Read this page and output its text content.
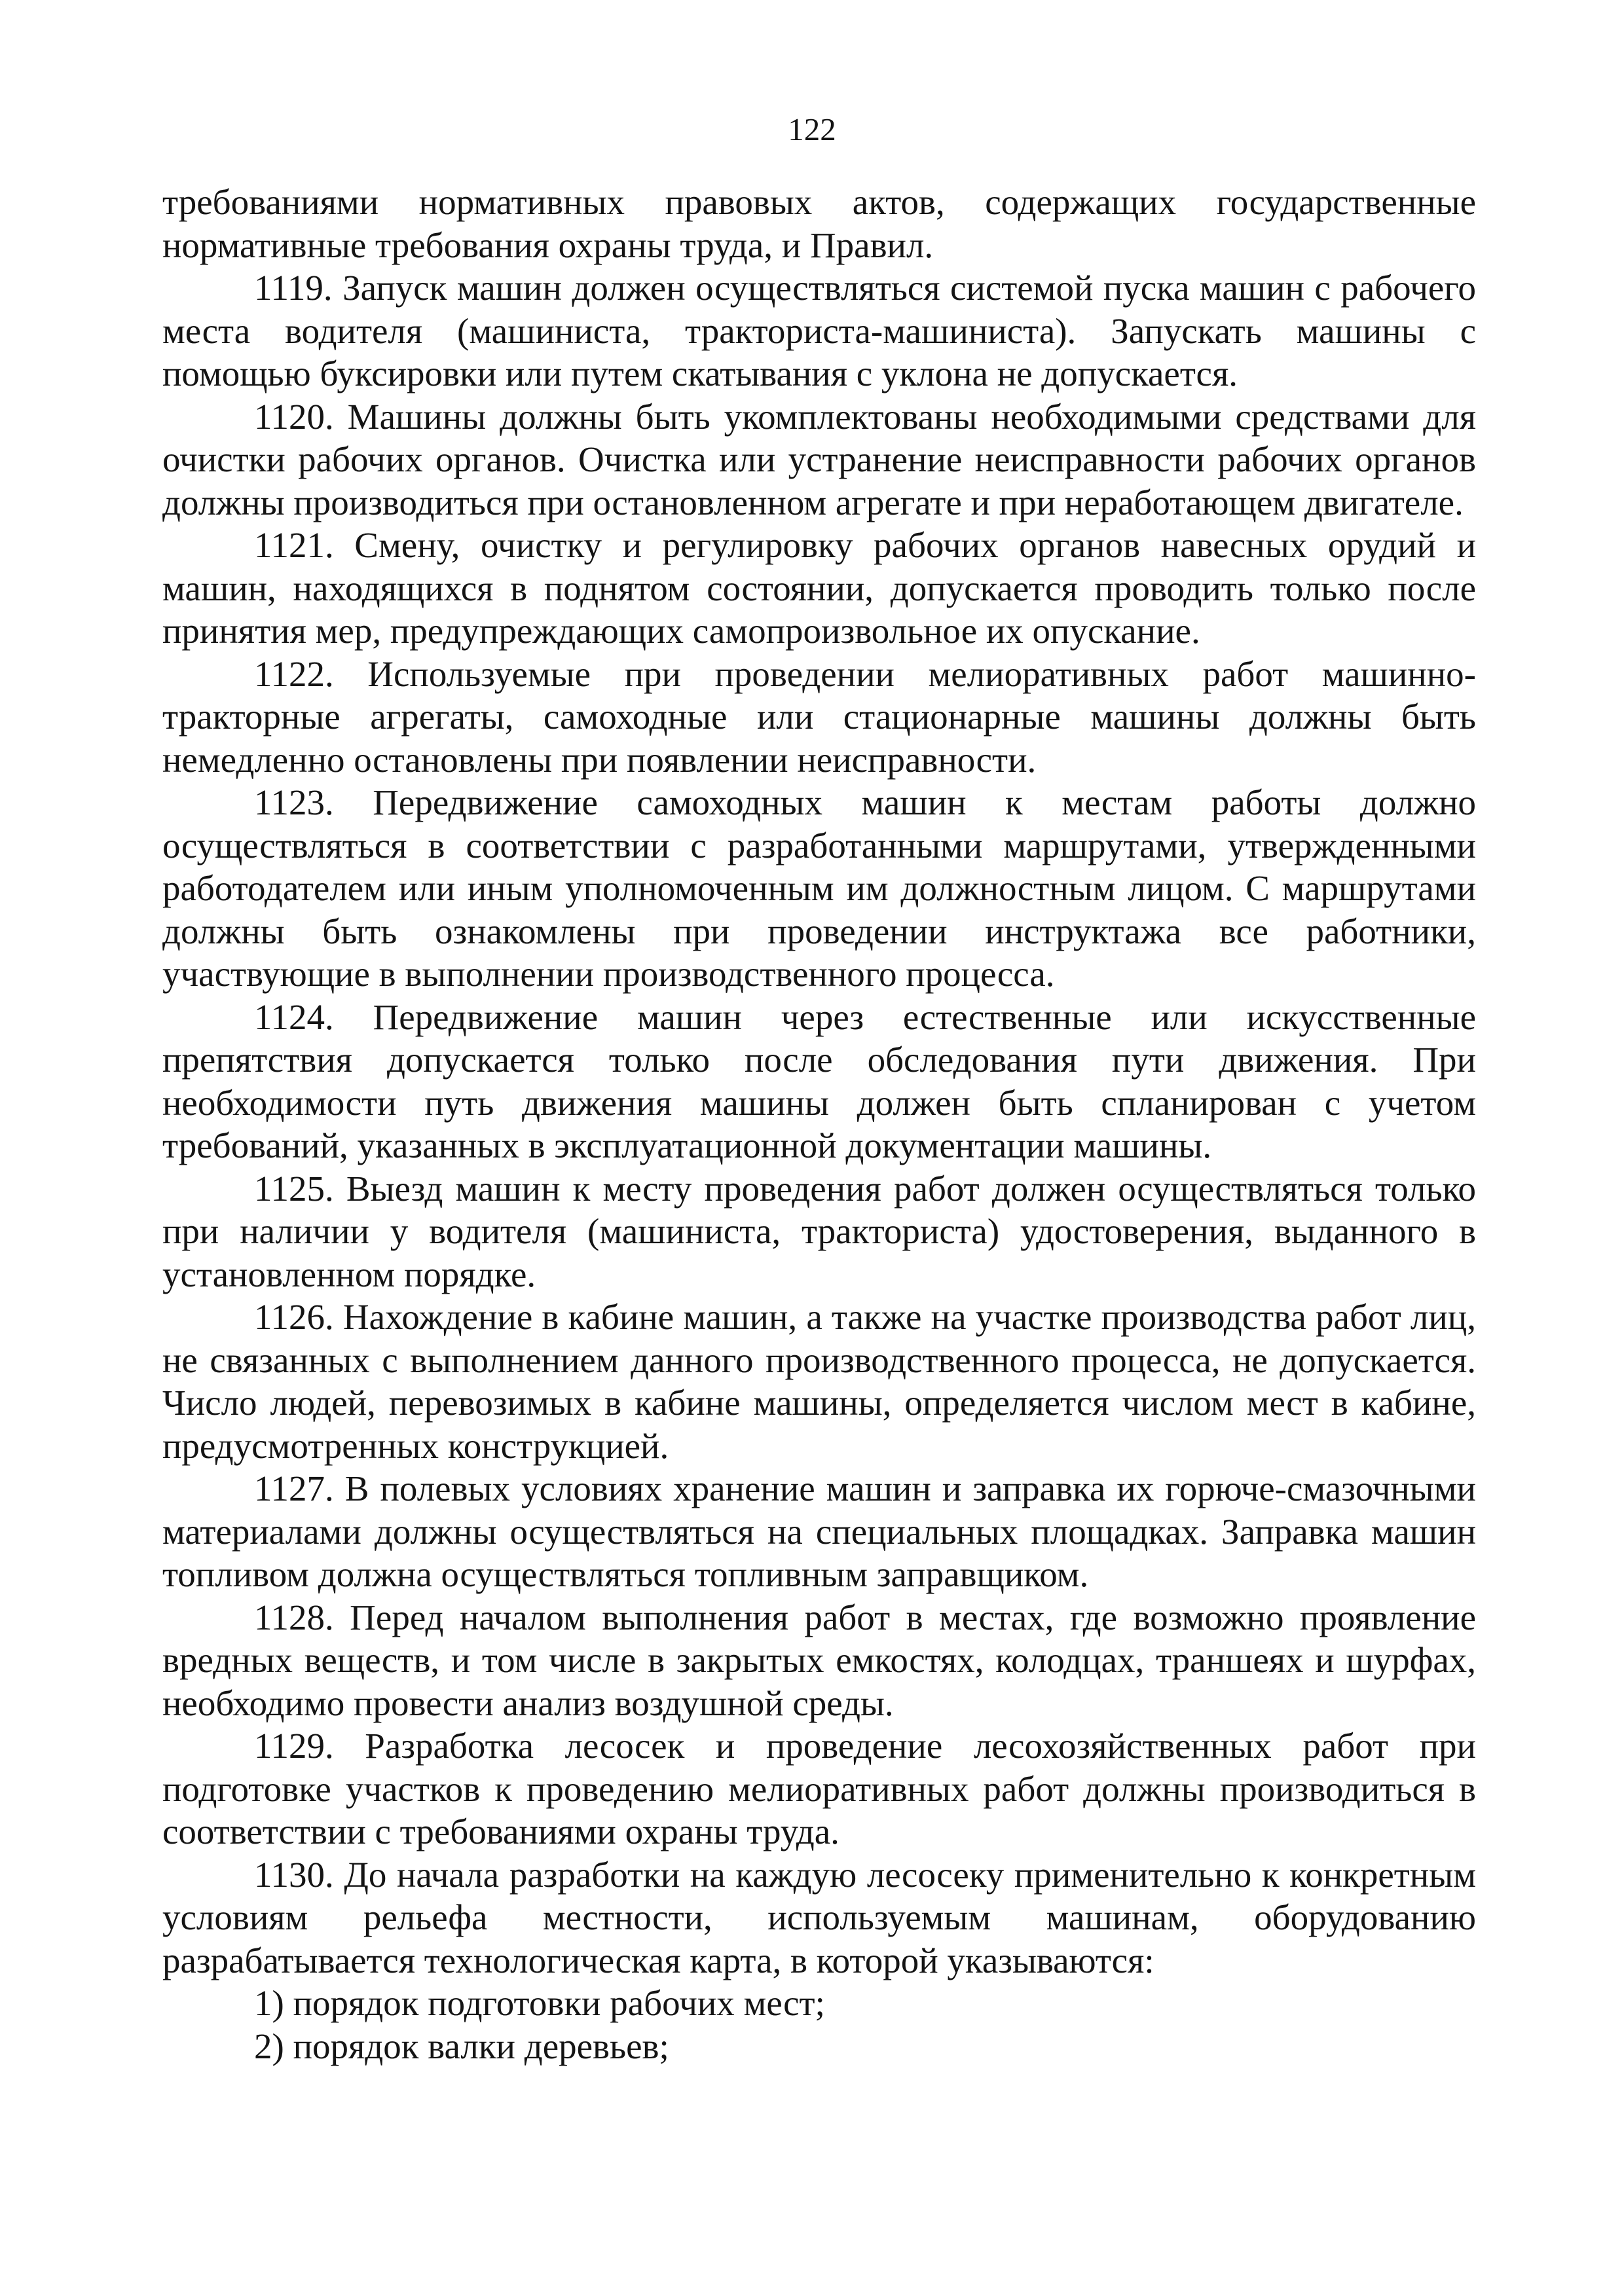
122

требованиями нормативных правовых актов, содержащих государственные нормативные требования охраны труда, и Правил.

1119. Запуск машин должен осуществляться системой пуска машин с рабочего места водителя (машиниста, тракториста-машиниста). Запускать машины с помощью буксировки или путем скатывания с уклона не допускается.

1120. Машины должны быть укомплектованы необходимыми средствами для очистки рабочих органов. Очистка или устранение неисправности рабочих органов должны производиться при остановленном агрегате и при неработающем двигателе.

1121. Смену, очистку и регулировку рабочих органов навесных орудий и машин, находящихся в поднятом состоянии, допускается проводить только после принятия мер, предупреждающих самопроизвольное их опускание.

1122. Используемые при проведении мелиоративных работ машинно-тракторные агрегаты, самоходные или стационарные машины должны быть немедленно остановлены при появлении неисправности.

1123. Передвижение самоходных машин к местам работы должно осуществляться в соответствии с разработанными маршрутами, утвержденными работодателем или иным уполномоченным им должностным лицом. С маршрутами должны быть ознакомлены при проведении инструктажа все работники, участвующие в выполнении производственного процесса.

1124. Передвижение машин через естественные или искусственные препятствия допускается только после обследования пути движения. При необходимости путь движения машины должен быть спланирован с учетом требований, указанных в эксплуатационной документации машины.

1125. Выезд машин к месту проведения работ должен осуществляться только при наличии у водителя (машиниста, тракториста) удостоверения, выданного в установленном порядке.

1126. Нахождение в кабине машин, а также на участке производства работ лиц, не связанных с выполнением данного производственного процесса, не допускается. Число людей, перевозимых в кабине машины, определяется числом мест в кабине, предусмотренных конструкцией.

1127. В полевых условиях хранение машин и заправка их горюче-смазочными материалами должны осуществляться на специальных площадках. Заправка машин топливом должна осуществляться топливным заправщиком.

1128. Перед началом выполнения работ в местах, где возможно проявление вредных веществ, и том числе в закрытых емкостях, колодцах, траншеях и шурфах, необходимо провести анализ воздушной среды.

1129. Разработка лесосек и проведение лесохозяйственных работ при подготовке участков к проведению мелиоративных работ должны производиться в соответствии с требованиями охраны труда.

1130. До начала разработки на каждую лесосеку применительно к конкретным условиям рельефа местности, используемым машинам, оборудованию разрабатывается технологическая карта, в которой указываются:

1) порядок подготовки рабочих мест;

2) порядок валки деревьев;
